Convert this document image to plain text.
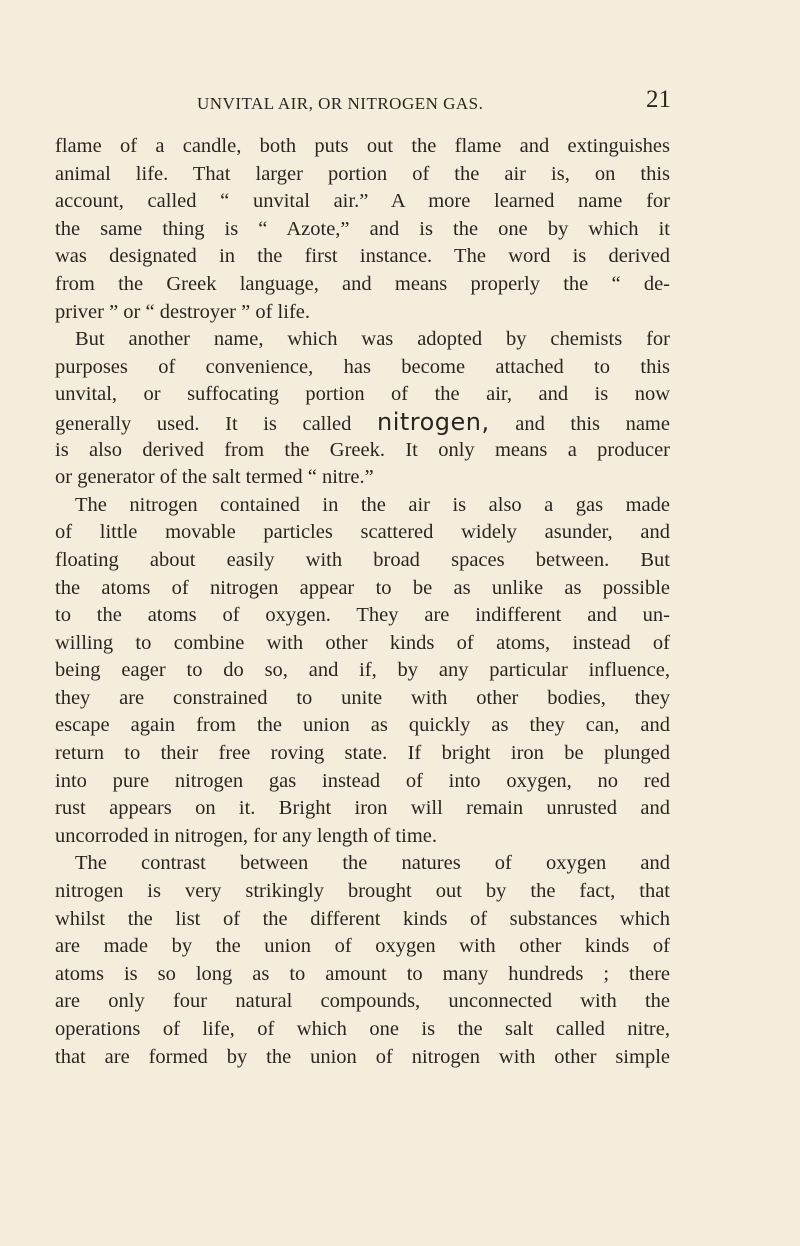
UNVITAL AIR, OR NITROGEN GAS.	21
flame of a candle, both puts out the flame and extinguishes
animal life. That larger portion of the air is, on this
account, called “ unvital air.” A more learned name for
the same thing is “ Azote,” and is the one by which it
was designated in the first instance. The word is derived
from the Greek language, and means properly the “ de-
priver ” or “ destroyer ” of life.
But another name, which was adopted by chemists for
purposes of convenience, has become attached to this
unvital, or suffocating portion of the air, and is now
generally used. It is called nitrogen, and this name
is also derived from the Greek. It only means a producer
or generator of the salt termed “ nitre.”
The nitrogen contained in the air is also a gas made
of little movable particles scattered widely asunder, and
floating about easily with broad spaces between. But
the atoms of nitrogen appear to be as unlike as possible
to the atoms of oxygen. They are indifferent and un-
willing to combine with other kinds of atoms, instead of
being eager to do so, and if, by any particular influence,
they are constrained to unite with other bodies, they
escape again from the union as quickly as they can, and
return to their free roving state. If bright iron be plunged
into pure nitrogen gas instead of into oxygen, no red
rust appears on it. Bright iron will remain unrusted and
uncorroded in nitrogen, for any length of time.
The contrast between the natures of oxygen and
nitrogen is very strikingly brought out by the fact, that
whilst the list of the different kinds of substances which
are made by the union of oxygen with other kinds of
atoms is so long as to amount to many hundreds ; there
are only four natural compounds, unconnected with the
operations of life, of which one is the salt called nitre,
that are formed by the union of nitrogen with other simple
